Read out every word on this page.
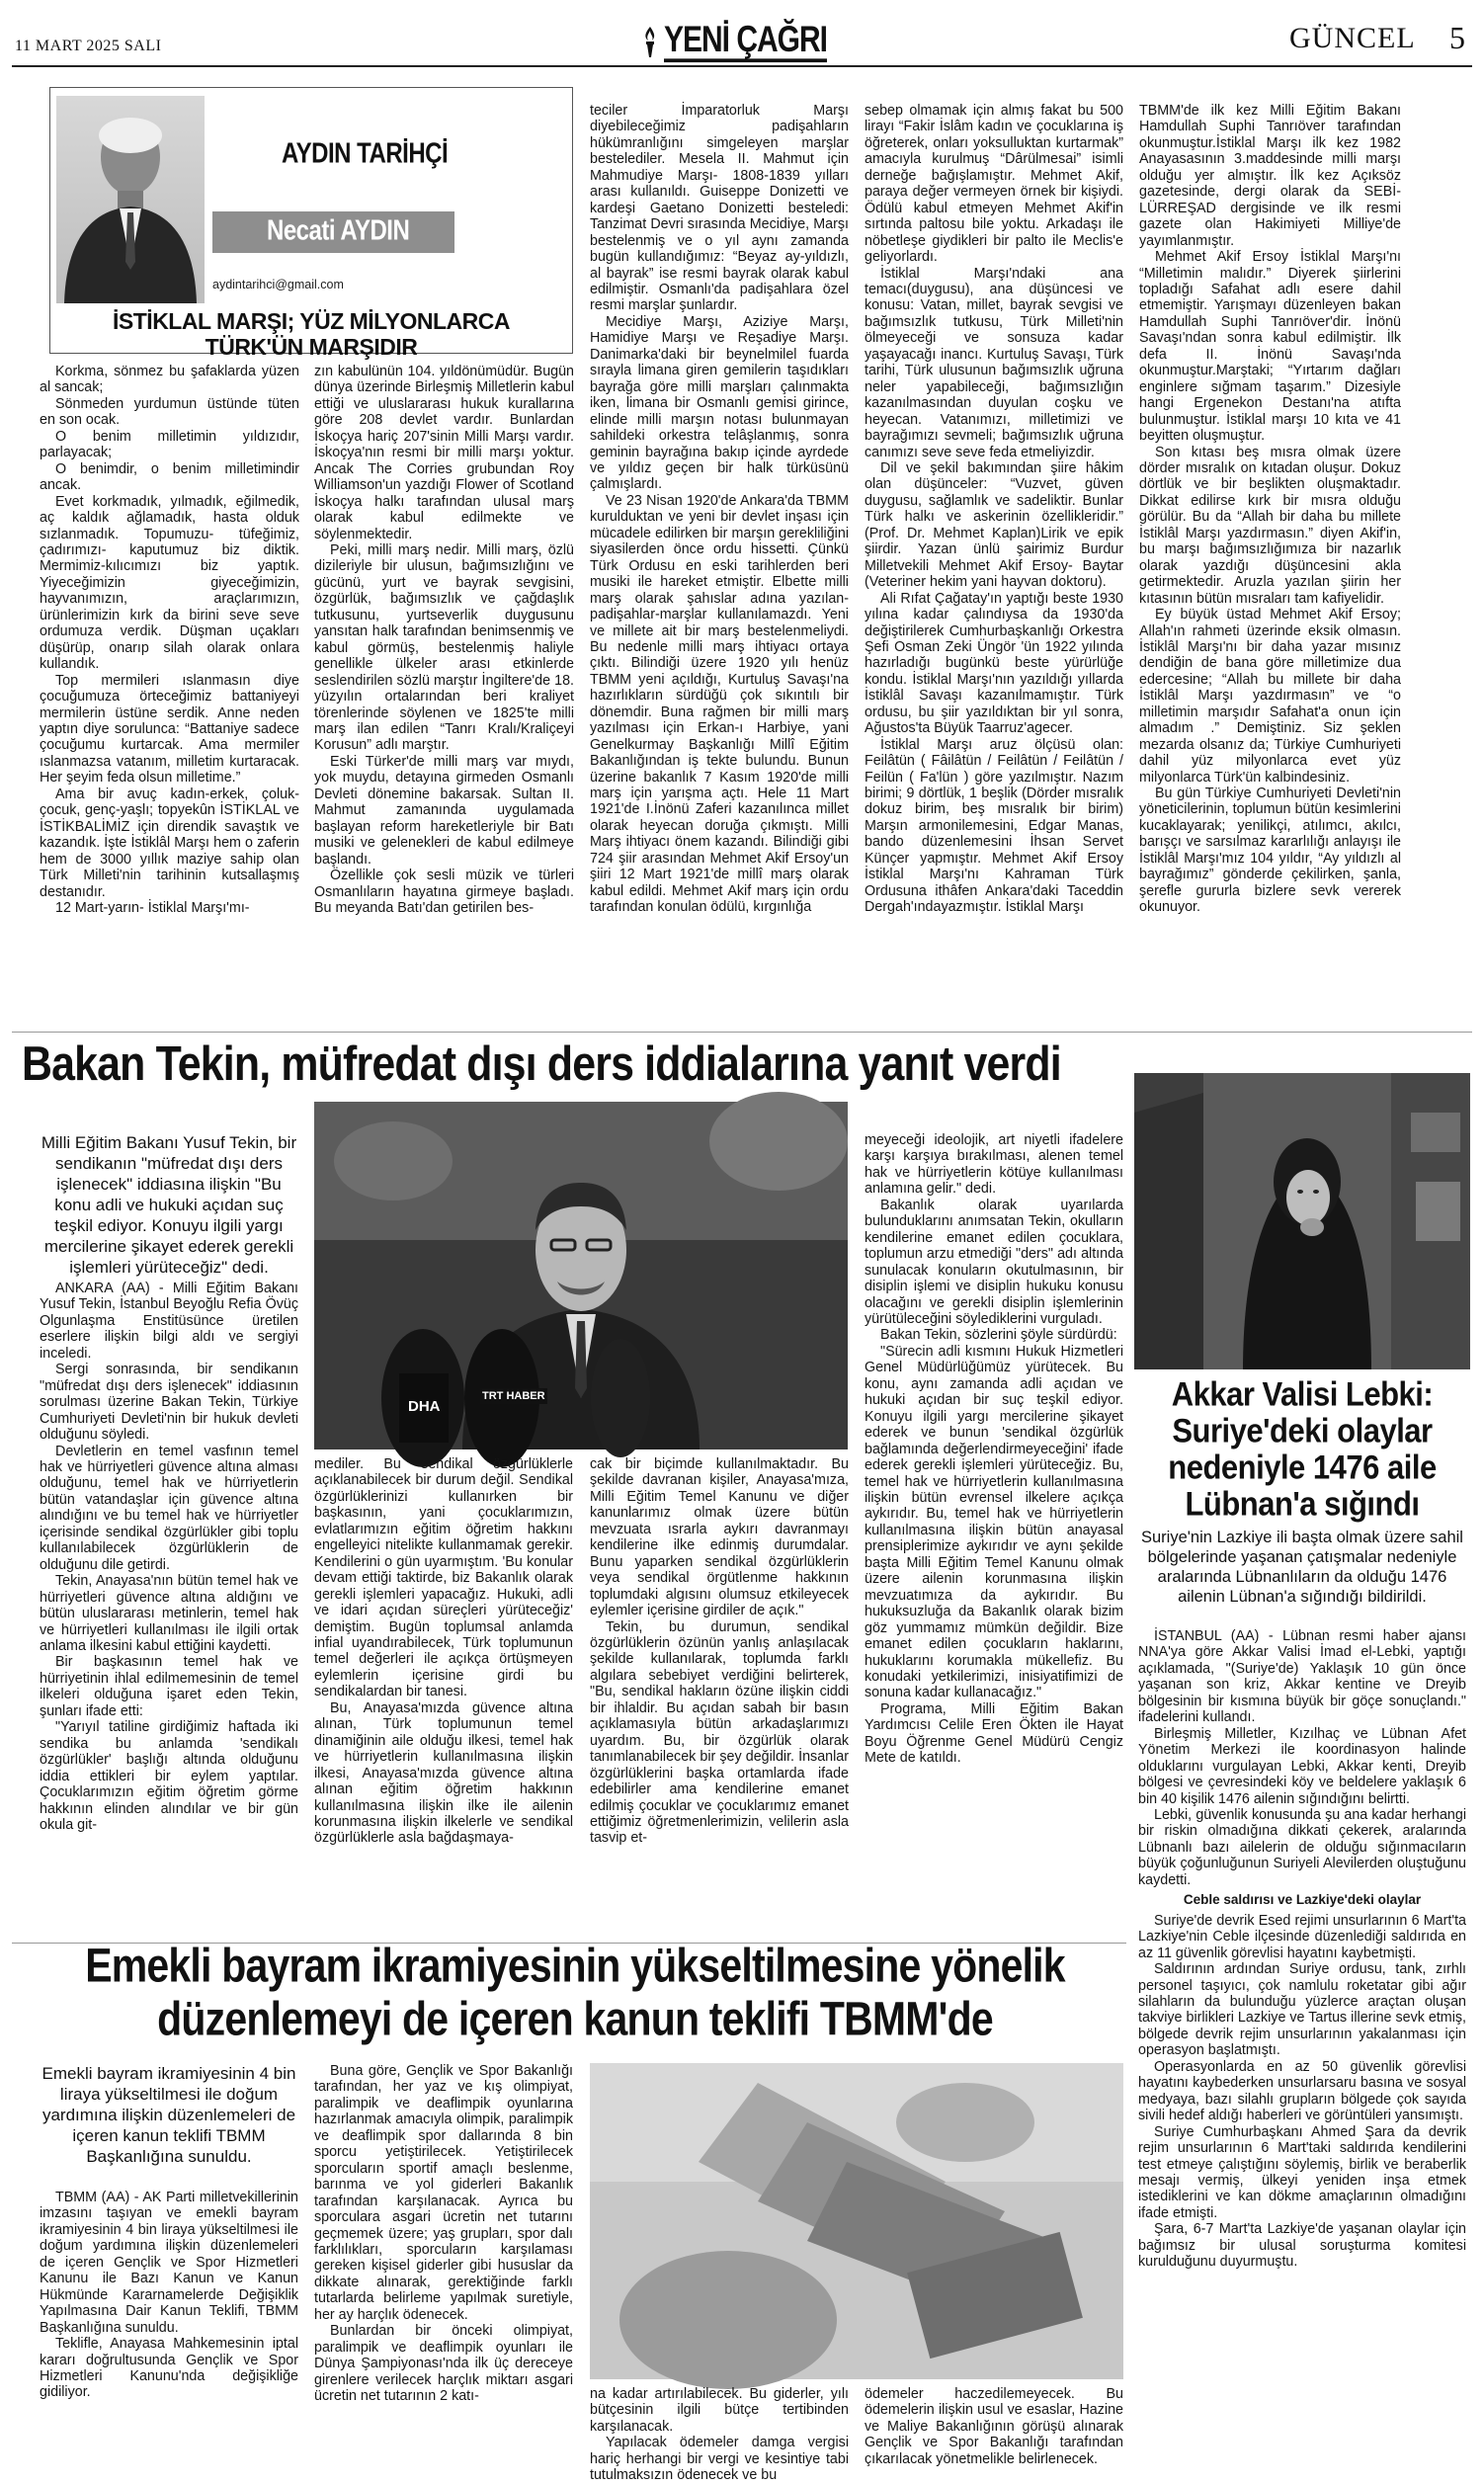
11 MART 2025 SALI	YENİ ÇAĞRI	GÜNCEL 5
AYDIN TARİHÇİ
Necati AYDIN
aydintarihci@gmail.com
İSTİKLAL MARŞI; YÜZ MİLYONLARCA
TÜRK'ÜN MARŞIDIR

Korkma, sönmez bu şafaklarda yüzen al sancak;

Sönmeden yurdumun üstünde tüten en son ocak.

O benim milletimin yıldızıdır, parlayacak;

O benimdir, o benim milletimindir ancak.

Evet korkmadık, yılmadık, eğilmedik, aç kaldık ağlamadık, hasta olduk sızlanmadık. Topumuzu- tüfeğimiz, çadırımızı- kaputumuz biz diktik. Mermimiz-kılıcımızı biz yaptık. Yiyeceğimizin giyeceğimizin, hayvanımızın, araçlarımızın, ürünlerimizin kırk da birini seve seve ordumuza verdik. Düşman uçakları düşürüp, onarıp silah olarak onlara kullandık.

Top mermileri ıslanmasın diye çocuğumuza örteceğimiz battaniyeyi mermilerin üstüne serdik. Anne neden yaptın diye sorulunca: “Battaniye sadece çocuğumu kurtarcak. Ama mermiler ıslanmazsa vatanım, milletim kurtaracak. Her şeyim feda olsun milletime.”

Ama bir avuç kadın-erkek, çoluk-çocuk, genç-yaşlı; topyekûn İSTİKLAL ve İSTİKBALİMİZ için direndik savaştık ve kazandık. İşte İstiklâl Marşı hem o zaferin hem de 3000 yıllık maziye sahip olan Türk Milleti'nin tarihinin kutsallaşmış destanıdır.

12 Mart-yarın- İstiklal Marşı'mı-

zın kabulünün 104. yıldönümüdür. Bugün dünya üzerinde Birleşmiş Milletlerin kabul ettiği ve uluslararası hukuk kurallarına göre 208 devlet vardır. Bunlardan İskoçya hariç 207'sinin Milli Marşı vardır. İskoçya'nın resmi bir milli marşı yoktur. Ancak The Corries grubundan Roy Williamson'un yazdığı Flower of Scotland İskoçya halkı tarafından ulusal marş olarak kabul edilmekte ve söylenmektedir.

Peki, milli marş nedir. Milli marş, özlü dizileriyle bir ulusun, bağımsızlığını ve gücünü, yurt ve bayrak sevgisini, özgürlük, bağımsızlık ve çağdaşlık tutkusunu, yurtseverlik duygusunu yansıtan halk tarafından benimsenmiş ve kabul görmüş, bestelenmiş haliyle genellikle ülkeler arası etkinlerde seslendirilen sözlü marştır İngiltere'de 18. yüzyılın ortalarından beri kraliyet törenlerinde söylenen ve 1825'te milli marş ilan edilen “Tanrı Kralı/Kraliçeyi Korusun” adlı marştır.

Eski Türker'de milli marş var mıydı, yok muydu, detayına girmeden Osmanlı Devleti dönemine bakarsak. Sultan II. Mahmut zamanında uygulamada başlayan reform hareketleriyle bir Batı musiki ve gelenekleri de kabul edilmeye başlandı.

Özellikle çok sesli müzik ve türleri Osmanlıların hayatına girmeye başladı. Bu meyanda Batı'dan getirilen bes-

teciler İmparatorluk Marşı diyebileceğimiz padişahların hükümranlığını simgeleyen marşlar bestelediler. Mesela II. Mahmut için Mahmudiye Marşı- 1808-1839 yılları arası kullanıldı. Guiseppe Donizetti ve kardeşi Gaetano Donizetti besteledi: Tanzimat Devri sırasında Mecidiye, Marşı bestelenmiş ve o yıl aynı zamanda bugün kullandığımız: “Beyaz ay-yıldızlı, al bayrak” ise resmi bayrak olarak kabul edilmiştir. Osmanlı'da padişahlara özel resmi marşlar şunlardır.

Mecidiye Marşı, Aziziye Marşı, Hamidiye Marşı ve Reşadiye Marşı. Danimarka'daki bir beynelmilel fuarda sırayla limana giren gemilerin taşıdıkları bayrağa göre milli marşları çalınmakta iken, limana bir Osmanlı gemisi girince, elinde milli marşın notası bulunmayan sahildeki orkestra telâşlanmış, sonra geminin bayrağına bakıp içinde ayrdede ve yıldız geçen bir halk türküsünü çalmışlardı.

Ve 23 Nisan 1920'de Ankara'da TBMM kurulduktan ve yeni bir devlet inşası için mücadele edilirken bir marşın gerekliliğini siyasilerden önce ordu hissetti. Çünkü Türk Ordusu en eski tarihlerden beri musiki ile hareket etmiştir. Elbette milli marş olarak şahıslar adına yazılan-padişahlar-marşlar kullanılamazdı. Yeni ve millete ait bir marş bestelenmeliydi. Bu nedenle milli marş ihtiyacı ortaya çıktı. Bilindiği üzere 1920 yılı henüz TBMM yeni açıldığı, Kurtuluş Savaşı'na hazırlıkların sürdüğü çok sıkıntılı bir dönemdir. Buna rağmen bir milli marş yazılması için Erkan-ı Harbiye, yani Genelkurmay Başkanlığı Millî Eğitim Bakanlığından iş tekte bulundu. Bunun üzerine bakanlık 7 Kasım 1920'de milli marş için yarışma açtı. Hele 11 Mart 1921'de I.İnönü Zaferi kazanılınca millet olarak heyecan doruğa çıkmıştı. Milli Marş ihtiyacı önem kazandı. Bilindiği gibi 724 şiir arasından Mehmet Akif Ersoy'un şiiri 12 Mart 1921'de millî marş olarak kabul edildi. Mehmet Akif marş için ordu tarafından konulan ödülü, kırgınlığa

sebep olmamak için almış fakat bu 500 lirayı “Fakir İslâm kadın ve çocuklarına iş öğreterek, onları yoksulluktan kurtarmak” amacıyla kurulmuş “Dârülmesai” isimli derneğe bağışlamıştır. Mehmet Akif, paraya değer vermeyen örnek bir kişiydi. Ödülü kabul etmeyen Mehmet Akif'in sırtında paltosu bile yoktu. Arkadaşı ile nöbetleşe giydikleri bir palto ile Meclis'e geliyorlardı.

İstiklal Marşı'ndaki ana temacı(duygusu), ana düşüncesi ve konusu: Vatan, millet, bayrak sevgisi ve bağımsızlık tutkusu, Türk Milleti'nin ölmeyeceği ve sonsuza kadar yaşayacağı inancı. Kurtuluş Savaşı, Türk tarihi, Türk ulusunun bağımsızlık uğruna neler yapabileceği, bağımsızlığın kazanılmasından duyulan coşku ve heyecan. Vatanımızı, milletimizi ve bayrağımızı sevmeli; bağımsızlık uğruna canımızı seve seve feda etmeliyizdir.

Dil ve şekil bakımından şiire hâkim olan düşünceler: “Vuzvet, güven duygusu, sağlamlık ve sadeliktir. Bunlar Türk halkı ve askerinin özellikleridir.” (Prof. Dr. Mehmet Kaplan)Lirik ve epik şiirdir. Yazan ünlü şairimiz Burdur Milletvekili Mehmet Akif Ersoy- Baytar (Veteriner hekim yani hayvan doktoru).

Ali Rıfat Çağatay'ın yaptığı beste 1930 yılına kadar çalındıysa da 1930'da değiştirilerek Cumhurbaşkanlığı Orkestra Şefi Osman Zeki Üngör 'ün 1922 yılında hazırladığı bugünkü beste yürürlüğe kondu. İstiklal Marşı'nın yazıldığı yıllarda İstiklâl Savaşı kazanılmamıştır. Türk ordusu, bu şiir yazıldıktan bir yıl sonra, Ağustos'ta Büyük Taarruz'agecer.

İstiklal Marşı aruz ölçüsü olan: Feilâtün ( Fâilâtün / Feilâtün / Feilâtün / Feilün ( Fa'lün ) göre yazılmıştır. Nazım birimi; 9 dörtlük, 1 beşlik (Dörder mısralık dokuz birim, beş mısralık bir birim) Marşın armonilemesini, Edgar Manas, bando düzenlemesini İhsan Servet Künçer yapmıştır. Mehmet Akif Ersoy İstiklal Marşı'nı Kahraman Türk Ordusuna ithâfen Ankara'daki Taceddin Dergah'ındayazmıştır. İstiklal Marşı

TBMM'de ilk kez Milli Eğitim Bakanı Hamdullah Suphi Tanrıöver tarafından okunmuştur.İstiklal Marşı ilk kez 1982 Anayasasının 3.maddesinde milli marşı olduğu yer almıştır. İlk kez Açıksöz gazetesinde, dergi olarak da SEBİ-LÜRREŞAD dergisinde ve ilk resmi gazete olan Hakimiyeti Milliye'de yayımlanmıştır.

Mehmet Akif Ersoy İstiklal Marşı'nı “Milletimin malıdır.” Diyerek şiirlerini topladığı Safahat adlı esere dahil etmemiştir. Yarışmayı düzenleyen bakan Hamdullah Suphi Tanrıöver'dir. İnönü Savaşı'ndan sonra kabul edilmiştir. İlk defa II. İnönü Savaşı'nda okunmuştur.Marştaki; “Yırtarım dağları enginlere sığmam taşarım.” Dizesiyle hangi Ergenekon Destanı'na atıfta bulunmuştur. İstiklal marşı 10 kıta ve 41 beyitten oluşmuştur.

Son kıtası beş mısra olmak üzere dörder mısralık on kıtadan oluşur. Dokuz dörtlük ve bir beşlikten oluşmaktadır. Dikkat edilirse kırk bir mısra olduğu görülür. Bu da “Allah bir daha bu millete İstiklâl Marşı yazdırmasın.” diyen Akif'in, bu marşı bağımsızlığımıza bir nazarlık olarak yazdığı düşüncesini akla getirmektedir. Aruzla yazılan şiirin her kıtasının bütün mısraları tam kafiyelidir.

Ey büyük üstad Mehmet Akif Ersoy; Allah'ın rahmeti üzerinde eksik olmasın. İstiklâl Marşı'nı bir daha yazar mısınız dendiğin de bana göre milletimize dua edercesine; “Allah bu millete bir daha İstiklâl Marşı yazdırmasın” ve “o milletimin marşıdır Safahat'a onun için almadım .” Demiştiniz. Siz şeklen mezarda olsanız da; Türkiye Cumhuriyeti dahil yüz milyonlarca evet yüz milyonlarca Türk'ün kalbindesiniz.

Bu gün Türkiye Cumhuriyeti Devleti'nin yöneticilerinin, toplumun bütün kesimlerini kucaklayarak; yenilikçi, atılımcı, akılcı, barışçı ve sarsılmaz kararlılığı anlayışı ile İstiklâl Marşı'mız 104 yıldır, “Ay yıldızlı al bayrağımız” gönderde çekilirken, şanla, şerefle gururla bizlere sevk vererek okunuyor.

Bakan Tekin, müfredat dışı ders iddialarına yanıt verdi

Milli Eğitim Bakanı Yusuf Tekin, bir sendikanın "müfredat dışı ders işlenecek" iddiasına ilişkin "Bu konu adli ve hukuki açıdan suç teşkil ediyor. Konuyu ilgili yargı mercilerine şikayet ederek gerekli işlemleri yürüteceğiz" dedi.

ANKARA (AA) - Milli Eğitim Bakanı Yusuf Tekin, İstanbul Beyoğlu Refia Övüç Olgunlaşma Enstitüsünce üretilen eserlere ilişkin bilgi aldı ve sergiyi inceledi.

Sergi sonrasında, bir sendikanın "müfredat dışı ders işlenecek" iddiasının sorulması üzerine Bakan Tekin, Türkiye Cumhuriyeti Devleti'nin bir hukuk devleti olduğunu söyledi.

Devletlerin en temel vasfının temel hak ve hürriyetleri güvence altına alması olduğunu, temel hak ve hürriyetlerin bütün vatandaşlar için güvence altına alındığını ve bu temel hak ve hürriyetler içerisinde sendikal özgürlükler gibi toplu kullanılabilecek özgürlüklerin de olduğunu dile getirdi.

Tekin, Anayasa'nın bütün temel hak ve hürriyetleri güvence altına aldığını ve bütün uluslararası metinlerin, temel hak ve hürriyetleri kullanılması ile ilgili ortak anlama ilkesini kabul ettiğini kaydetti.

Bir başkasının temel hak ve hürriyetinin ihlal edilmemesinin de temel ilkeleri olduğuna işaret eden Tekin, şunları ifade etti:

"Yarıyıl tatiline girdiğimiz haftada iki sendika bu anlamda 'sendikalı özgürlükler' başlığı altında olduğunu iddia ettikleri bir eylem yaptılar. Çocuklarımızın eğitim öğretim görme hakkının elinden alındılar ve bir gün okula git-

DHA
TRT HABER

mediler. Bu sendikal özgürlüklerle açıklanabilecek bir durum değil. Sendikal özgürlüklerinizi kullanırken bir başkasının, yani çocuklarımızın, evlatlarımızın eğitim öğretim hakkını engelleyici nitelikte kullanmamak gerekir. Kendilerini o gün uyarmıştım. 'Bu konular devam ettiği taktirde, biz Bakanlık olarak gerekli işlemleri yapacağız. Hukuki, adli ve idari açıdan süreçleri yürüteceğiz' demiştim. Bugün toplumsal anlamda infial uyandırabilecek, Türk toplumunun temel değerleri ile açıkça örtüşmeyen eylemlerin içerisine girdi bu sendikalardan bir tanesi.

Bu, Anayasa'mızda güvence altına alınan, Türk toplumunun temel dinamiğinin aile olduğu ilkesi, temel hak ve hürriyetlerin kullanılmasına ilişkin ilkesi, Anayasa'mızda güvence altına alınan eğitim öğretim hakkının kullanılmasına ilişkin ilke ile ailenin korunmasına ilişkin ilkelerle ve sendikal özgürlüklerle asla bağdaşmaya-

cak bir biçimde kullanılmaktadır. Bu şekilde davranan kişiler, Anayasa'mıza, Milli Eğitim Temel Kanunu ve diğer kanunlarımız olmak üzere bütün mevzuata ısrarla aykırı davranmayı kendilerine ilke edinmiş durumdalar. Bunu yaparken sendikal özgürlüklerin veya sendikal örgütlenme hakkının toplumdaki algısını olumsuz etkileyecek eylemler içerisine girdiler de açık."

Tekin, bu durumun, sendikal özgürlüklerin özünün yanlış anlaşılacak şekilde kullanılarak, toplumda farklı algılara sebebiyet verdiğini belirterek, "Bu, sendikal hakların özüne ilişkin ciddi bir ihlaldir. Bu açıdan sabah bir basın açıklamasıyla bütün arkadaşlarımızı uyardım. Bu, bir özgürlük olarak tanımlanabilecek bir şey değildir. İnsanlar özgürlüklerini başka ortamlarda ifade edebilirler ama kendilerine emanet edilmiş çocuklar ve çocuklarımız emanet ettiğimiz öğretmenlerimizin, velilerin asla tasvip et-

meyeceği ideolojik, art niyetli ifadelere karşı karşıya bırakılması, alenen temel hak ve hürriyetlerin kötüye kullanılması anlamına gelir." dedi.

Bakanlık olarak uyarılarda bulunduklarını anımsatan Tekin, okulların kendilerine emanet edilen çocuklara, toplumun arzu etmediği "ders" adı altında sunulacak konuların okutulmasının, bir disiplin işlemi ve disiplin hukuku konusu olacağını ve gerekli disiplin işlemlerinin yürütüleceğini söylediklerini vurguladı.

Bakan Tekin, sözlerini şöyle sürdürdü:

"Sürecin adli kısmını Hukuk Hizmetleri Genel Müdürlüğümüz yürütecek. Bu konu, aynı zamanda adli açıdan ve hukuki açıdan bir suç teşkil ediyor. Konuyu ilgili yargı mercilerine şikayet ederek ve bunun 'sendikal özgürlük bağlamında değerlendirmeyeceğini' ifade ederek gerekli işlemleri yürüteceğiz. Bu, temel hak ve hürriyetlerin kullanılmasına ilişkin bütün evrensel ilkelere açıkça aykırıdır. Bu, temel hak ve hürriyetlerin kullanılmasına ilişkin bütün anayasal prensiplerimize aykırıdır ve aynı şekilde başta Milli Eğitim Temel Kanunu olmak üzere ailenin korunmasına ilişkin mevzuatımıza da aykırıdır. Bu hukuksuzluğa da Bakanlık olarak bizim göz yummamız mümkün değildir. Bize emanet edilen çocukların haklarını, hukuklarını korumakla mükellefiz. Bu konudaki yetkilerimizi, inisiyatifimizi de sonuna kadar kullanacağız."

Programa, Milli Eğitim Bakan Yardımcısı Celile Eren Ökten ile Hayat Boyu Öğrenme Genel Müdürü Cengiz Mete de katıldı.

Akkar Valisi Lebki:
Suriye'deki olaylar
nedeniyle 1476 aile
Lübnan'a sığındı

Suriye'nin Lazkiye ili başta olmak üzere sahil bölgelerinde yaşanan çatışmalar nedeniyle aralarında Lübnanlıların da olduğu 1476 ailenin Lübnan'a sığındığı bildirildi.

İSTANBUL (AA) - Lübnan resmi haber ajansı NNA'ya göre Akkar Valisi İmad el-Lebki, yaptığı açıklamada, "(Suriye'de) Yaklaşık 10 gün önce yaşanan son kriz, Akkar kentine ve Dreyib bölgesinin bir kısmına büyük bir göçe sonuçlandı." ifadelerini kullandı.

Birleşmiş Milletler, Kızılhaç ve Lübnan Afet Yönetim Merkezi ile koordinasyon halinde olduklarını vurgulayan Lebki, Akkar kenti, Dreyib bölgesi ve çevresindeki köy ve beldelere yaklaşık 6 bin 40 kişilik 1476 ailenin sığındığını belirtti.

Lebki, güvenlik konusunda şu ana kadar herhangi bir riskin olmadığına dikkati çekerek, aralarında Lübnanlı bazı ailelerin de olduğu sığınmacıların büyük çoğunluğunun Suriyeli Alevilerden oluştuğunu kaydetti.

Ceble saldırısı ve Lazkiye'deki olaylar

Suriye'de devrik Esed rejimi unsurlarının 6 Mart'ta Lazkiye'nin Ceble ilçesinde düzenlediği saldırıda en az 11 güvenlik görevlisi hayatını kaybetmişti.

Saldırının ardından Suriye ordusu, tank, zırhlı personel taşıyıcı, çok namlulu roketatar gibi ağır silahların da bulunduğu yüzlerce araçtan oluşan takviye birlikleri Lazkiye ve Tartus illerine sevk etmiş, bölgede devrik rejim unsurlarının yakalanması için operasyon başlatmıştı.

Operasyonlarda en az 50 güvenlik görevlisi hayatını kaybederken unsurlarsaru basına ve sosyal medyaya, bazı silahlı grupların bölgede çok sayıda sivili hedef aldığı haberleri ve görüntüleri yansımıştı.

Suriye Cumhurbaşkanı Ahmed Şara da devrik rejim unsurlarının 6 Mart'taki saldırıda kendilerini test etmeye çalıştığını söylemiş, birlik ve beraberlik mesajı vermiş, ülkeyi yeniden inşa etmek istediklerini ve kan dökme amaçlarının olmadığını ifade etmişti.

Şara, 6-7 Mart'ta Lazkiye'de yaşanan olaylar için bağımsız bir ulusal soruşturma komitesi kurulduğunu duyurmuştu.

Emekli bayram ikramiyesinin yükseltilmesine yönelik
düzenlemeyi de içeren kanun teklifi TBMM'de

Emekli bayram ikramiyesinin 4 bin liraya yükseltilmesi ile doğum yardımına ilişkin düzenlemeleri de içeren kanun teklifi TBMM Başkanlığına sunuldu.

TBMM (AA) - AK Parti milletvekillerinin imzasını taşıyan ve emekli bayram ikramiyesinin 4 bin liraya yükseltilmesi ile doğum yardımına ilişkin düzenlemeleri de içeren Gençlik ve Spor Hizmetleri Kanunu ile Bazı Kanun ve Kanun Hükmünde Kararnamelerde Değişiklik Yapılmasına Dair Kanun Teklifi, TBMM Başkanlığına sunuldu.

Teklifle, Anayasa Mahkemesinin iptal kararı doğrultusunda Gençlik ve Spor Hizmetleri Kanunu'nda değişikliğe gidiliyor.

Buna göre, Gençlik ve Spor Bakanlığı tarafından, her yaz ve kış olimpiyat, paralimpik ve deaflimpik oyunlarına hazırlanmak amacıyla olimpik, paralimpik ve deaflimpik spor dallarında 8 bin sporcu yetiştirilecek. Yetiştirilecek sporcuların sportif amaçlı beslenme, barınma ve yol giderleri Bakanlık tarafından karşılanacak. Ayrıca bu sporculara asgari ücretin net tutarını geçmemek üzere; yaş grupları, spor dalı farklılıkları, sporcuların karşılaması gereken kişisel giderler gibi hususlar da dikkate alınarak, gerektiğinde farklı tutarlarda belirleme yapılmak suretiyle, her ay harçlık ödenecek.

Bunlardan bir önceki olimpiyat, paralimpik ve deaflimpik oyunları ile Dünya Şampiyonası'nda ilk üç dereceye girenlere verilecek harçlık miktarı asgari ücretin net tutarının 2 katı-	na kadar artırılabilecek. Bu giderler, yılı bütçesinin ilgili bütçe tertibinden karşılanacak.

Yapılacak ödemeler damga vergisi hariç herhangi bir vergi ve kesintiye tabi tutulmaksızın ödenecek ve bu

ödemeler haczedilemeyecek. Bu ödemelerin ilişkin usul ve esaslar, Hazine ve Maliye Bakanlığının görüşü alınarak Gençlik ve Spor Bakanlığı tarafından çıkarılacak yönetmelikle belirlenecek.
